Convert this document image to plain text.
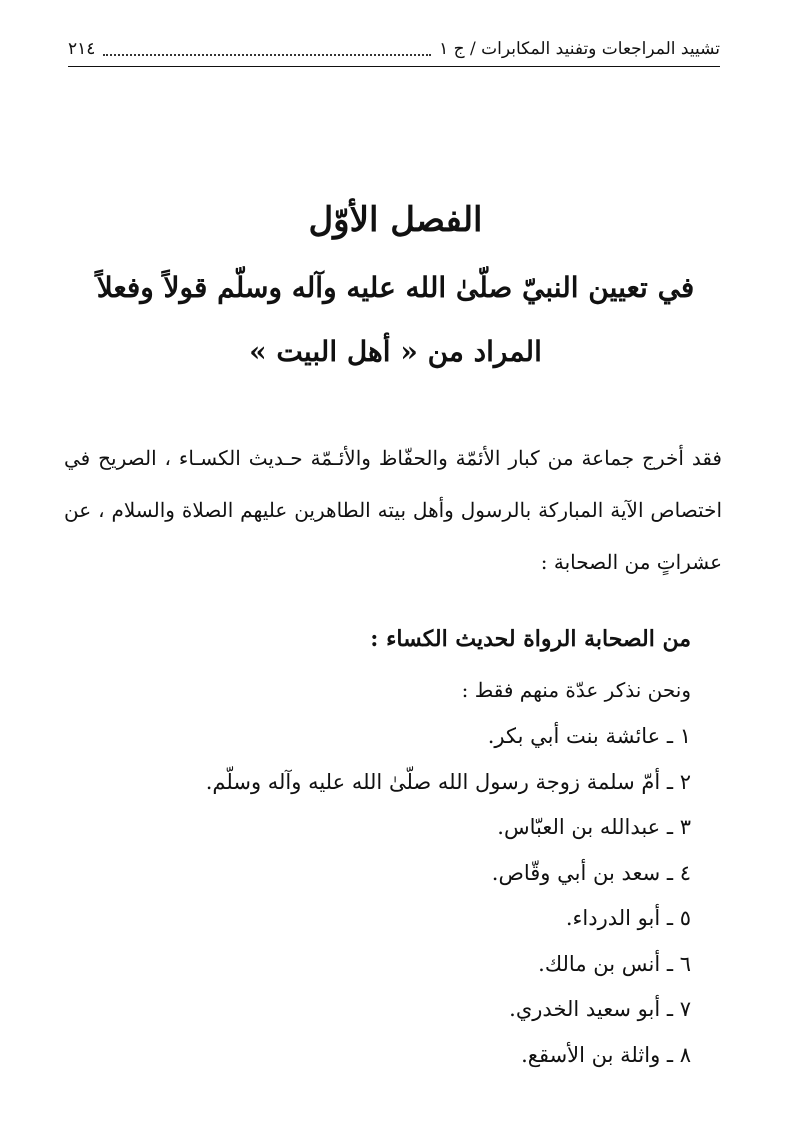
تشييد المراجعات وتفنيد المكابرات / ج ١
٢١٤
الفصل الأوّل
في تعيين النبيّ صلّىٰ الله عليه وآله وسلّم قولاً وفعلاً
المراد من « أهل البيت »

فقد أخرج جماعة من كبار الأئمّة والحفّاظ والأئـمّة حـديث الكسـاء ، الصريح في اختصاص الآية المباركة بالرسول وأهل بيته الطاهرين عليهم الصلاة والسلام ، عن عشراتٍ من الصحابة :

من الصحابة الرواة لحديث الكساء :
ونحن نذكر عدّة منهم فقط :
١ ـ عائشة بنت أبي بكر.
٢ ـ أمّ سلمة زوجة رسول الله صلّىٰ الله عليه وآله وسلّم.
٣ ـ عبدالله بن العبّاس.
٤ ـ سعد بن أبي وقّاص.
٥ ـ أبو الدرداء.
٦ ـ أنس بن مالك.
٧ ـ أبو سعيد الخدري.
٨ ـ واثلة بن الأسقع.
